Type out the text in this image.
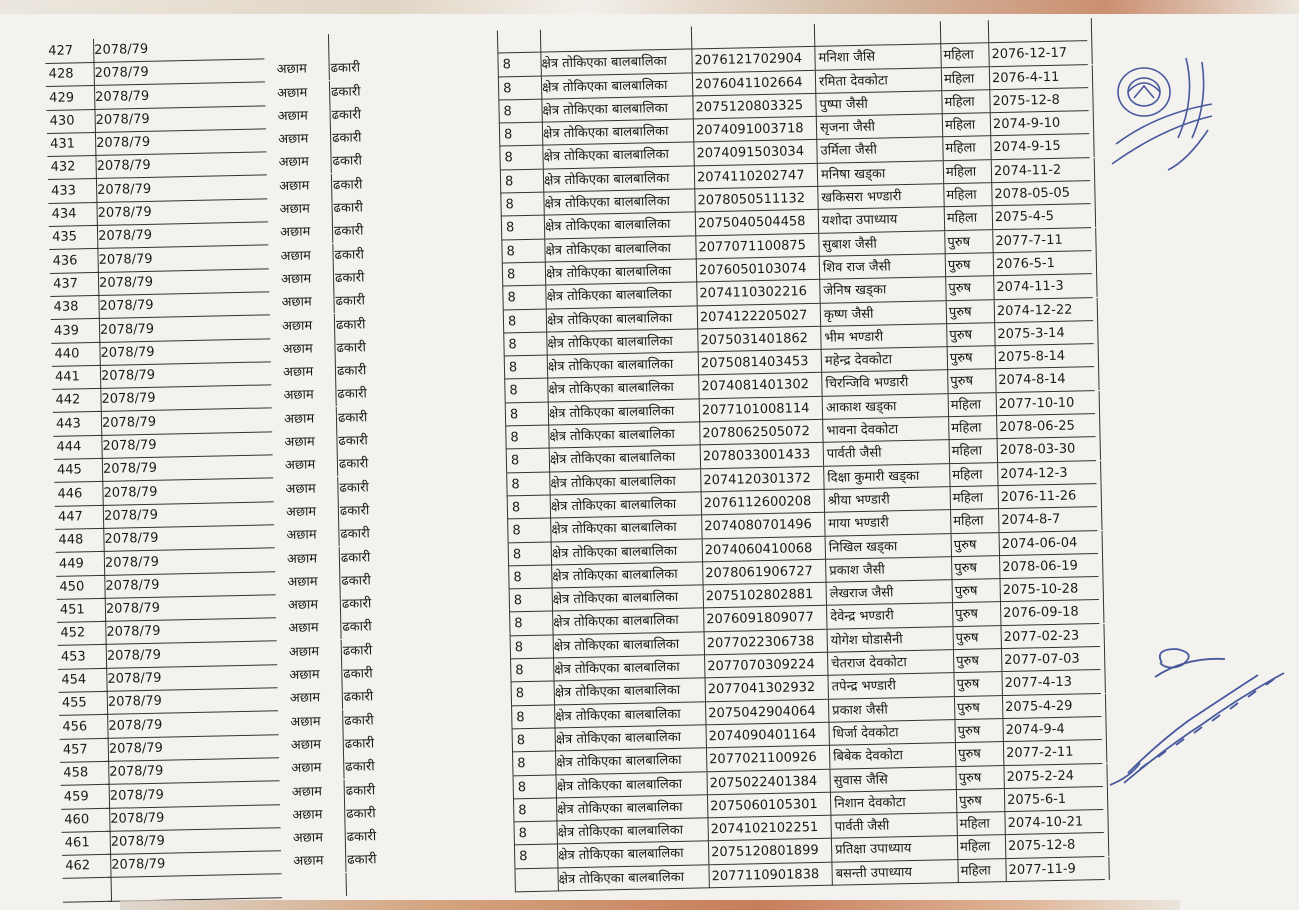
427	2078/79
428	2078/79	अछाम	ढकारी	8	क्षेत्र तोकिएका बालबालिका	2076121702904	मनिशा जैसि	महिला	2076-12-17
429	2078/79	अछाम	ढकारी	8	क्षेत्र तोकिएका बालबालिका	2076041102664	रमिता देवकोटा	महिला	2076-4-11
430	2078/79	अछाम	ढकारी	8	क्षेत्र तोकिएका बालबालिका	2075120803325	पुष्पा जैसी	महिला	2075-12-8
431	2078/79	अछाम	ढकारी	8	क्षेत्र तोकिएका बालबालिका	2074091003718	सृजना जैसी	महिला	2074-9-10
432	2078/79	अछाम	ढकारी	8	क्षेत्र तोकिएका बालबालिका	2074091503034	उर्मिला जैसी	महिला	2074-9-15
433	2078/79	अछाम	ढकारी	8	क्षेत्र तोकिएका बालबालिका	2074110202747	मनिषा खड्का	महिला	2074-11-2
434	2078/79	अछाम	ढकारी	8	क्षेत्र तोकिएका बालबालिका	2078050511132	खकिसरा भण्डारी	महिला	2078-05-05
435	2078/79	अछाम	ढकारी	8	क्षेत्र तोकिएका बालबालिका	2075040504458	यशोदा उपाध्याय	महिला	2075-4-5
436	2078/79	अछाम	ढकारी	8	क्षेत्र तोकिएका बालबालिका	2077071100875	सुबाश जैसी	पुरुष	2077-7-11
437	2078/79	अछाम	ढकारी	8	क्षेत्र तोकिएका बालबालिका	2076050103074	शिव राज जैसी	पुरुष	2076-5-1
438	2078/79	अछाम	ढकारी	8	क्षेत्र तोकिएका बालबालिका	2074110302216	जेनिष खड्का	पुरुष	2074-11-3
439	2078/79	अछाम	ढकारी	8	क्षेत्र तोकिएका बालबालिका	2074122205027	कृष्ण जैसी	पुरुष	2074-12-22
440	2078/79	अछाम	ढकारी	8	क्षेत्र तोकिएका बालबालिका	2075031401862	भीम भण्डारी	पुरुष	2075-3-14
441	2078/79	अछाम	ढकारी	8	क्षेत्र तोकिएका बालबालिका	2075081403453	महेन्द्र देवकोटा	पुरुष	2075-8-14
442	2078/79	अछाम	ढकारी	8	क्षेत्र तोकिएका बालबालिका	2074081401302	चिरन्जिवि भण्डारी	पुरुष	2074-8-14
443	2078/79	अछाम	ढकारी	8	क्षेत्र तोकिएका बालबालिका	2077101008114	आकाश खड्का	महिला	2077-10-10
444	2078/79	अछाम	ढकारी	8	क्षेत्र तोकिएका बालबालिका	2078062505072	भावना देवकोटा	महिला	2078-06-25
445	2078/79	अछाम	ढकारी	8	क्षेत्र तोकिएका बालबालिका	2078033001433	पार्वती जैसी	महिला	2078-03-30
446	2078/79	अछाम	ढकारी	8	क्षेत्र तोकिएका बालबालिका	2074120301372	दिक्षा कुमारी खड्का	महिला	2074-12-3
447	2078/79	अछाम	ढकारी	8	क्षेत्र तोकिएका बालबालिका	2076112600208	श्रीया भण्डारी	महिला	2076-11-26
448	2078/79	अछाम	ढकारी	8	क्षेत्र तोकिएका बालबालिका	2074080701496	माया भण्डारी	महिला	2074-8-7
449	2078/79	अछाम	ढकारी	8	क्षेत्र तोकिएका बालबालिका	2074060410068	निखिल खड्का	पुरुष	2074-06-04
450	2078/79	अछाम	ढकारी	8	क्षेत्र तोकिएका बालबालिका	2078061906727	प्रकाश जैसी	पुरुष	2078-06-19
451	2078/79	अछाम	ढकारी	8	क्षेत्र तोकिएका बालबालिका	2075102802881	लेखराज जैसी	पुरुष	2075-10-28
452	2078/79	अछाम	ढकारी	8	क्षेत्र तोकिएका बालबालिका	2076091809077	देवेन्द्र भण्डारी	पुरुष	2076-09-18
453	2078/79	अछाम	ढकारी	8	क्षेत्र तोकिएका बालबालिका	2077022306738	योगेश घोडासैनी	पुरुष	2077-02-23
454	2078/79	अछाम	ढकारी	8	क्षेत्र तोकिएका बालबालिका	2077070309224	चेतराज देवकोटा	पुरुष	2077-07-03
455	2078/79	अछाम	ढकारी	8	क्षेत्र तोकिएका बालबालिका	2077041302932	तपेन्द्र भण्डारी	पुरुष	2077-4-13
456	2078/79	अछाम	ढकारी	8	क्षेत्र तोकिएका बालबालिका	2075042904064	प्रकाश जैसी	पुरुष	2075-4-29
457	2078/79	अछाम	ढकारी	8	क्षेत्र तोकिएका बालबालिका	2074090401164	धिर्जा देवकोटा	पुरुष	2074-9-4
458	2078/79	अछाम	ढकारी	8	क्षेत्र तोकिएका बालबालिका	2077021100926	बिबेक देवकोटा	पुरुष	2077-2-11
459	2078/79	अछाम	ढकारी	8	क्षेत्र तोकिएका बालबालिका	2075022401384	सुवास जैसि	पुरुष	2075-2-24
460	2078/79	अछाम	ढकारी	8	क्षेत्र तोकिएका बालबालिका	2075060105301	निशान देवकोटा	पुरुष	2075-6-1
461	2078/79	अछाम	ढकारी	8	क्षेत्र तोकिएका बालबालिका	2074102102251	पार्वती जैसी	महिला	2074-10-21
462	2078/79	अछाम	ढकारी	8	क्षेत्र तोकिएका बालबालिका	2075120801899	प्रतिक्षा उपाध्याय	महिला	2075-12-8
क्षेत्र तोकिएका बालबालिका	2077110901838	बसन्ती उपाध्याय	महिला	2077-11-9
